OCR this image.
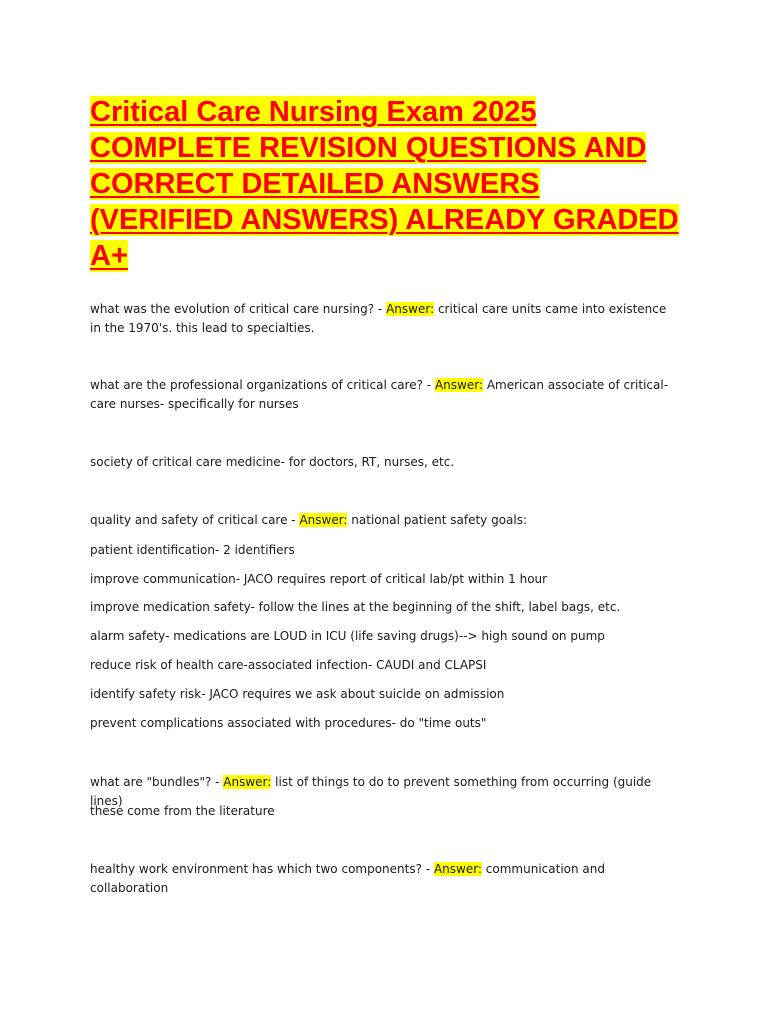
Critical Care Nursing Exam 2025 COMPLETE REVISION QUESTIONS AND CORRECT DETAILED ANSWERS (VERIFIED ANSWERS) ALREADY GRADED A+

what was the evolution of critical care nursing? - Answer: critical care units came into existence in the 1970's. this lead to specialties.

what are the professional organizations of critical care? - Answer: American associate of critical-care nurses- specifically for nurses

society of critical care medicine- for doctors, RT, nurses, etc.

quality and safety of critical care - Answer: national patient safety goals:

patient identification- 2 identifiers

improve communication- JACO requires report of critical lab/pt within 1 hour

improve medication safety- follow the lines at the beginning of the shift, label bags, etc.

alarm safety- medications are LOUD in ICU (life saving drugs)--> high sound on pump

reduce risk of health care-associated infection- CAUDI and CLAPSI

identify safety risk- JACO requires we ask about suicide on admission

prevent complications associated with procedures- do "time outs"

what are "bundles"? - Answer: list of things to do to prevent something from occurring (guide lines)

these come from the literature

healthy work environment has which two components? - Answer: communication and collaboration
